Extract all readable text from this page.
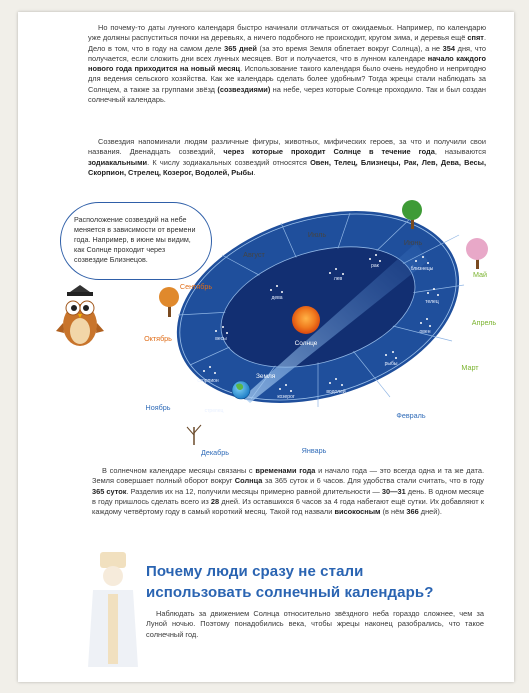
Но почему-то даты лунного календаря быстро начинали отличаться от ожидаемых. Например, по календарю уже должны распуститься почки на деревьях, а ничего подобного не происходит, кругом зима, и деревья ещё спят. Дело в том, что в году на самом деле 365 дней (за это время Земля облетает вокруг Солнца), а не 354 дня, что получается, если сложить дни всех лунных месяцев. Вот и получается, что в лунном календаре начало каждого нового года приходится на новый месяц. Использование такого календаря было очень неудобно и непригодно для ведения сельского хозяйства. Как же календарь сделать более удобным? Тогда жрецы стали наблюдать за Солнцем, а также за группами звёзд (созвездиями) на небе, через которые Солнце проходило. Так и был создан солнечный календарь.
Созвездия напоминали людям различные фигуры, животных, мифических героев, за что и получили свои названия. Двенадцать созвездий, через которые проходит Солнце в течение года, называются зодиакальными. К числу зодиакальных созвездий относятся Овен, Телец, Близнецы, Рак, Лев, Дева, Весы, Скорпион, Стрелец, Козерог, Водолей, Рыбы.
Расположение созвездий на небе меняется в зависимости от времени года. Например, в июне мы видим, как Солнце проходит через созвездие Близнецов.
Солнце
Земля
лев
рак	близнецы
телец
овен
рыбы
водолей
козерог
стрелец
скорпион
весы
дева
Июль
Июнь
Август
Май
Сентябрь
Апрель
Октябрь
Март
Ноябрь
Февраль
Декабрь	Январь
В солнечном календаре месяцы связаны с временами года и начало года — это всегда одна и та же дата. Земля совершает полный оборот вокруг Солнца за 365 суток и 6 часов. Для удобства стали считать, что в году 365 суток. Разделив их на 12, получили месяцы примерно равной длительности — 30—31 день. В одном месяце в году пришлось сделать всего из 28 дней. Из оставшихся 6 часов за 4 года набегают ещё сутки. Их добавляют к каждому четвёртому году в самый короткий месяц. Такой год назвали високосным (в нём 366 дней).
Почему люди сразу не стали
использовать солнечный календарь?
Наблюдать за движением Солнца относительно звёздного неба гораздо сложнее, чем за Луной ночью. Поэтому понадобились века, чтобы жрецы наконец разобрались, что такое солнечный год.
